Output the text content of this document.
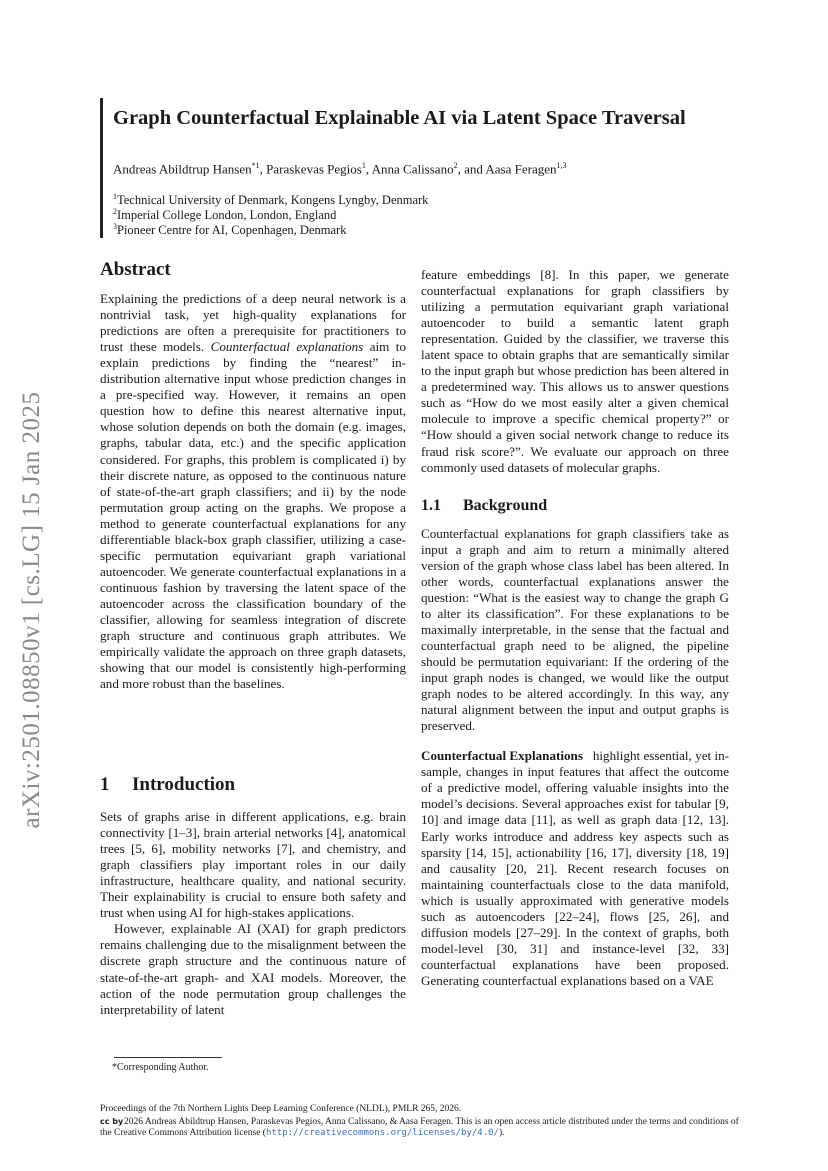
arXiv:2501.08850v1 [cs.LG] 15 Jan 2025
Graph Counterfactual Explainable AI via Latent Space Traversal
Andreas Abildtrup Hansen$^{*1}$, Paraskevas Pegios$^1$, Anna Calissano$^2$, and Aasa Feragen$^{1,3}$
$^1$Technical University of Denmark, Kongens Lyngby, Denmark
$^2$Imperial College London, London, England
$^3$Pioneer Centre for AI, Copenhagen, Denmark
Abstract

Explaining the predictions of a deep neural network is a nontrivial task, yet high-quality explanations for predictions are often a prerequisite for practitioners to trust these models. Counterfactual explanations aim to explain predictions by finding the “nearest” in-distribution alternative input whose prediction changes in a pre-specified way. However, it remains an open question how to define this nearest alternative input, whose solution depends on both the domain (e.g. images, graphs, tabular data, etc.) and the specific application considered. For graphs, this problem is complicated i) by their discrete nature, as opposed to the continuous nature of state-of-the-art graph classifiers; and ii) by the node permutation group acting on the graphs. We propose a method to generate counterfactual explanations for any differentiable black-box graph classifier, utilizing a case-specific permutation equivariant graph variational autoencoder. We generate counterfactual explanations in a continuous fashion by traversing the latent space of the autoencoder across the classification boundary of the classifier, allowing for seamless integration of discrete graph structure and continuous graph attributes. We empirically validate the approach on three graph datasets, showing that our model is consistently high-performing and more robust than the baselines.

1 Introduction

Sets of graphs arise in different applications, e.g. brain connectivity [1–3], brain arterial networks [4], anatomical trees [5, 6], mobility networks [7], and chemistry, and graph classifiers play important roles in our daily infrastructure, healthcare quality, and national security. Their explainability is crucial to ensure both safety and trust when using AI for high-stakes applications.

However, explainable AI (XAI) for graph predictors remains challenging due to the misalignment between the discrete graph structure and the continuous nature of state-of-the-art graph- and XAI models. Moreover, the action of the node permutation group challenges the interpretability of latent

*Corresponding Author.

feature embeddings [8]. In this paper, we generate counterfactual explanations for graph classifiers by utilizing a permutation equivariant graph variational autoencoder to build a semantic latent graph representation. Guided by the classifier, we traverse this latent space to obtain graphs that are semantically similar to the input graph but whose prediction has been altered in a predetermined way. This allows us to answer questions such as “How do we most easily alter a given chemical molecule to improve a specific chemical property?” or “How should a given social network change to reduce its fraud risk score?”. We evaluate our approach on three commonly used datasets of molecular graphs.

1.1 Background

Counterfactual explanations for graph classifiers take as input a graph and aim to return a minimally altered version of the graph whose class label has been altered. In other words, counterfactual explanations answer the question: “What is the easiest way to change the graph G to alter its classification”. For these explanations to be maximally interpretable, in the sense that the factual and counterfactual graph need to be aligned, the pipeline should be permutation equivariant: If the ordering of the input graph nodes is changed, we would like the output graph nodes to be altered accordingly. In this way, any natural alignment between the input and output graphs is preserved.

Counterfactual Explanations highlight essential, yet in-sample, changes in input features that affect the outcome of a predictive model, offering valuable insights into the model’s decisions. Several approaches exist for tabular [9, 10] and image data [11], as well as graph data [12, 13]. Early works introduce and address key aspects such as sparsity [14, 15], actionability [16, 17], diversity [18, 19] and causality [20, 21]. Recent research focuses on maintaining counterfactuals close to the data manifold, which is usually approximated with generative models such as autoencoders [22–24], flows [25, 26], and diffusion models [27–29]. In the context of graphs, both model-level [30, 31] and instance-level [32, 33] counterfactual explanations have been proposed. Generating counterfactual explanations based on a VAE

Proceedings of the 7th Northern Lights Deep Learning Conference (NLDL), PMLR 265, 2026.

cc by2026 Andreas Abildtrup Hansen, Paraskevas Pegios, Anna Calissano, & Aasa Feragen. This is an open access article distributed under the terms and conditions of the Creative Commons Attribution license (http://creativecommons.org/licenses/by/4.0/).
